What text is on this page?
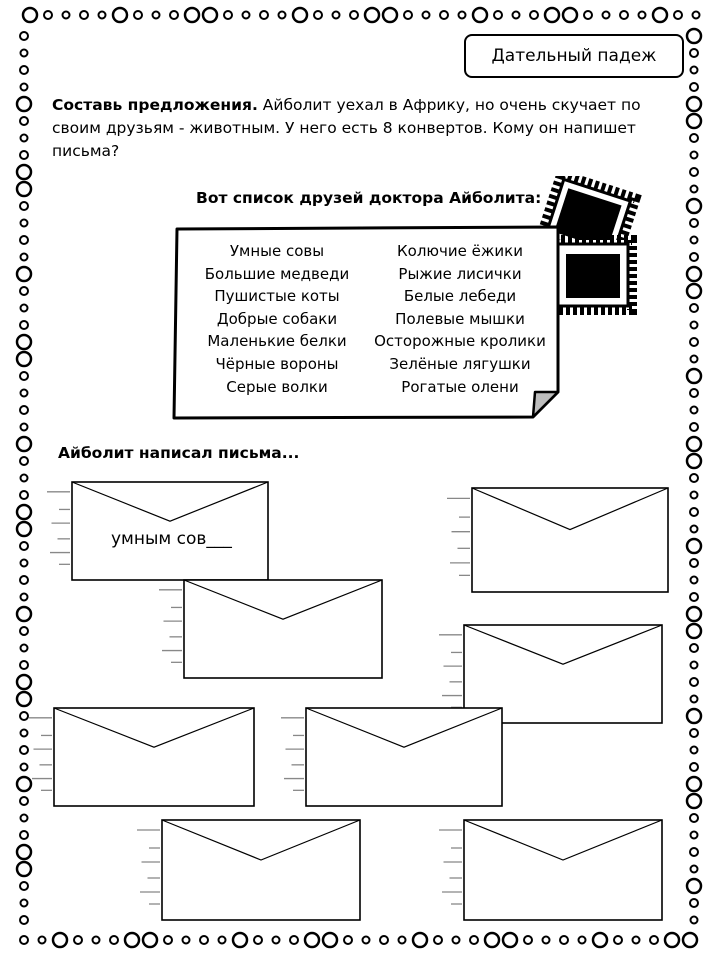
Дательный падеж
Составь предложения. Айболит уехал в Африку, но очень скучает по своим друзьям - животным. У него есть 8 конвертов. Кому он напишет письма?
Вот список друзей доктора Айболита:
Умные совы
Большие медведи
Пушистые коты
Добрые собаки
Маленькие белки
Чёрные вороны
Серые волки
Колючие ёжики
Рыжие лисички
Белые лебеди
Полевые мышки
Осторожные кролики
Зелёные лягушки
Рогатые олени
Айболит написал письма...
умным сов___
